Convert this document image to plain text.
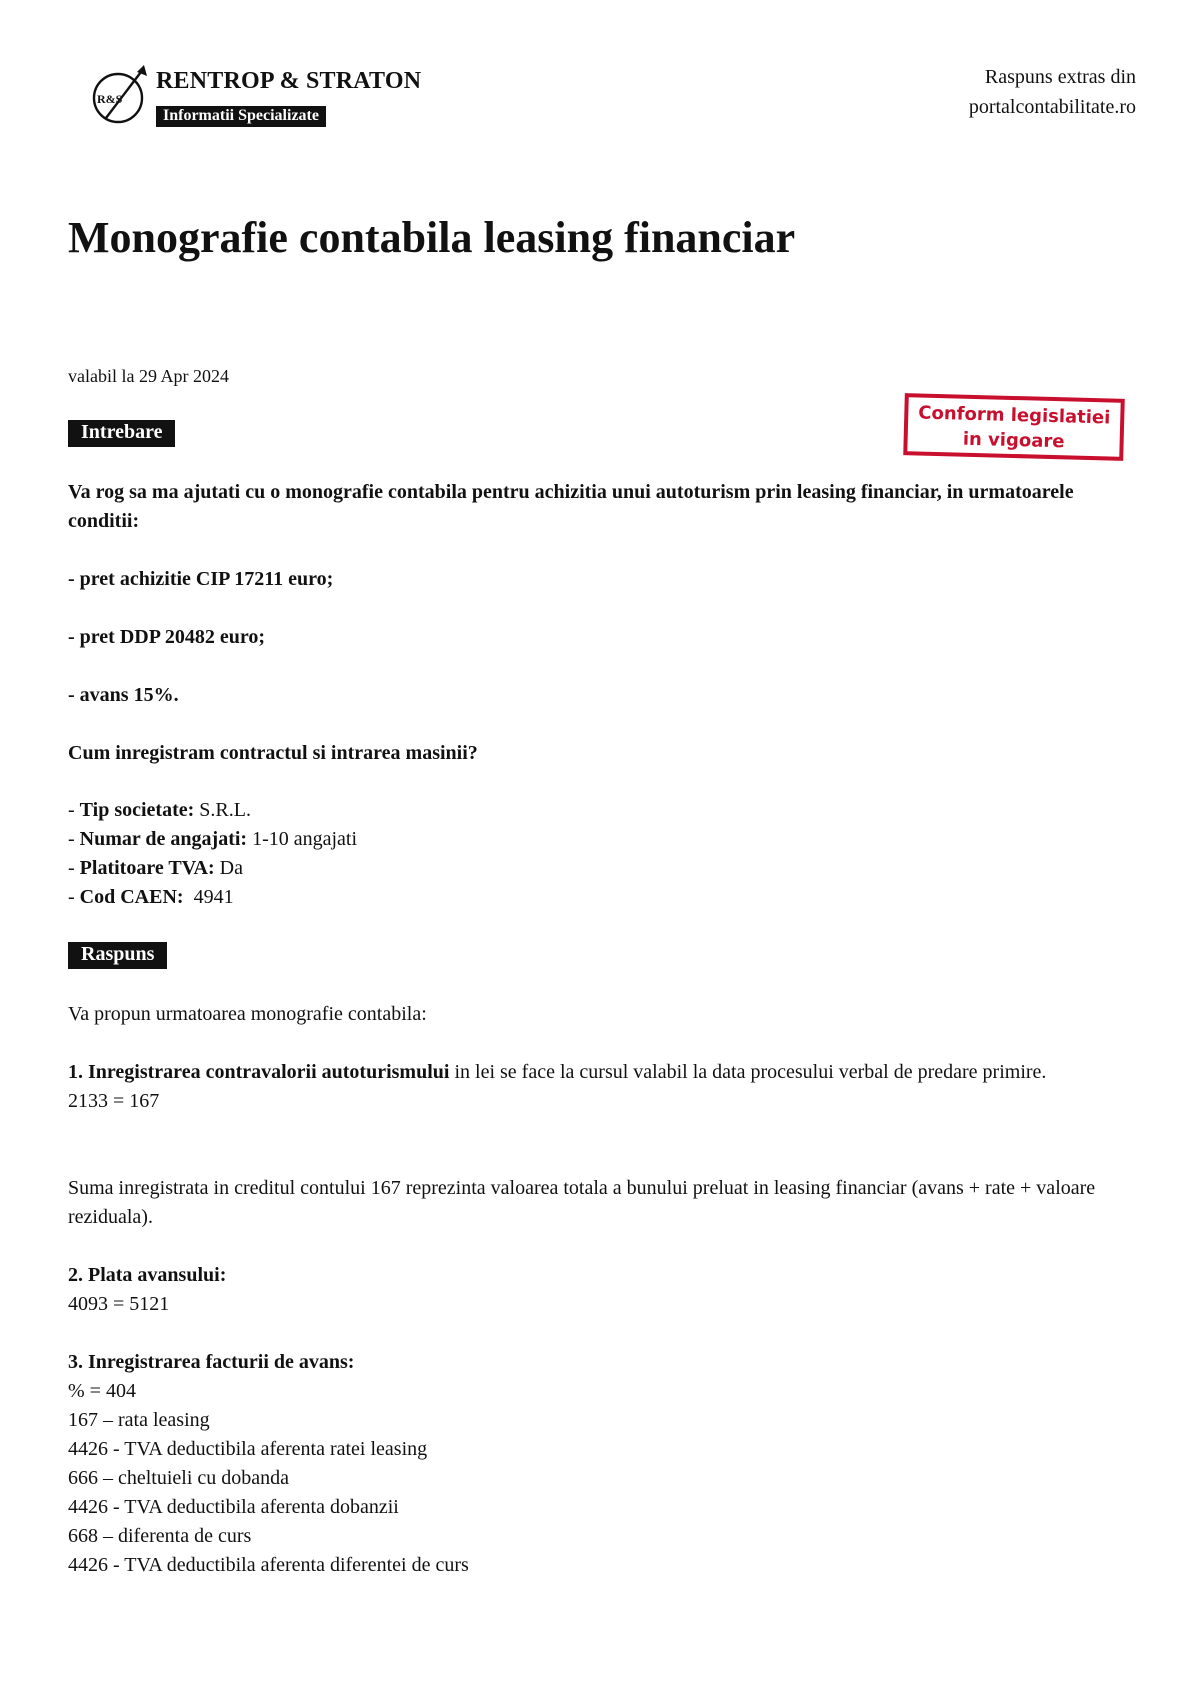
R&S
RENTROP & STRATON
Informatii Specializate
Raspuns extras din
portalcontabilitate.ro
Monografie contabila leasing financiar
valabil la 29 Apr 2024
Conform legislatiei
in vigoare
Intrebare
Va rog sa ma ajutati cu o monografie contabila pentru achizitia unui autoturism prin leasing financiar, in urmatoarele conditii:
- pret achizitie CIP 17211 euro;
- pret DDP 20482 euro;
- avans 15%.
Cum inregistram contractul si intrarea masinii?
- Tip societate: S.R.L.
- Numar de angajati: 1-10 angajati
- Platitoare TVA: Da
- Cod CAEN:  4941
Raspuns
Va propun urmatoarea monografie contabila:
1. Inregistrarea contravalorii autoturismului in lei se face la cursul valabil la data procesului verbal de predare primire.
2133 = 167
Suma inregistrata in creditul contului 167 reprezinta valoarea totala a bunului preluat in leasing financiar (avans + rate + valoare reziduala).
2. Plata avansului:
4093 = 5121
3. Inregistrarea facturii de avans:
% = 404
167 – rata leasing
4426 - TVA deductibila aferenta ratei leasing
666 – cheltuieli cu dobanda
4426 - TVA deductibila aferenta dobanzii
668 – diferenta de curs
4426 - TVA deductibila aferenta diferentei de curs
